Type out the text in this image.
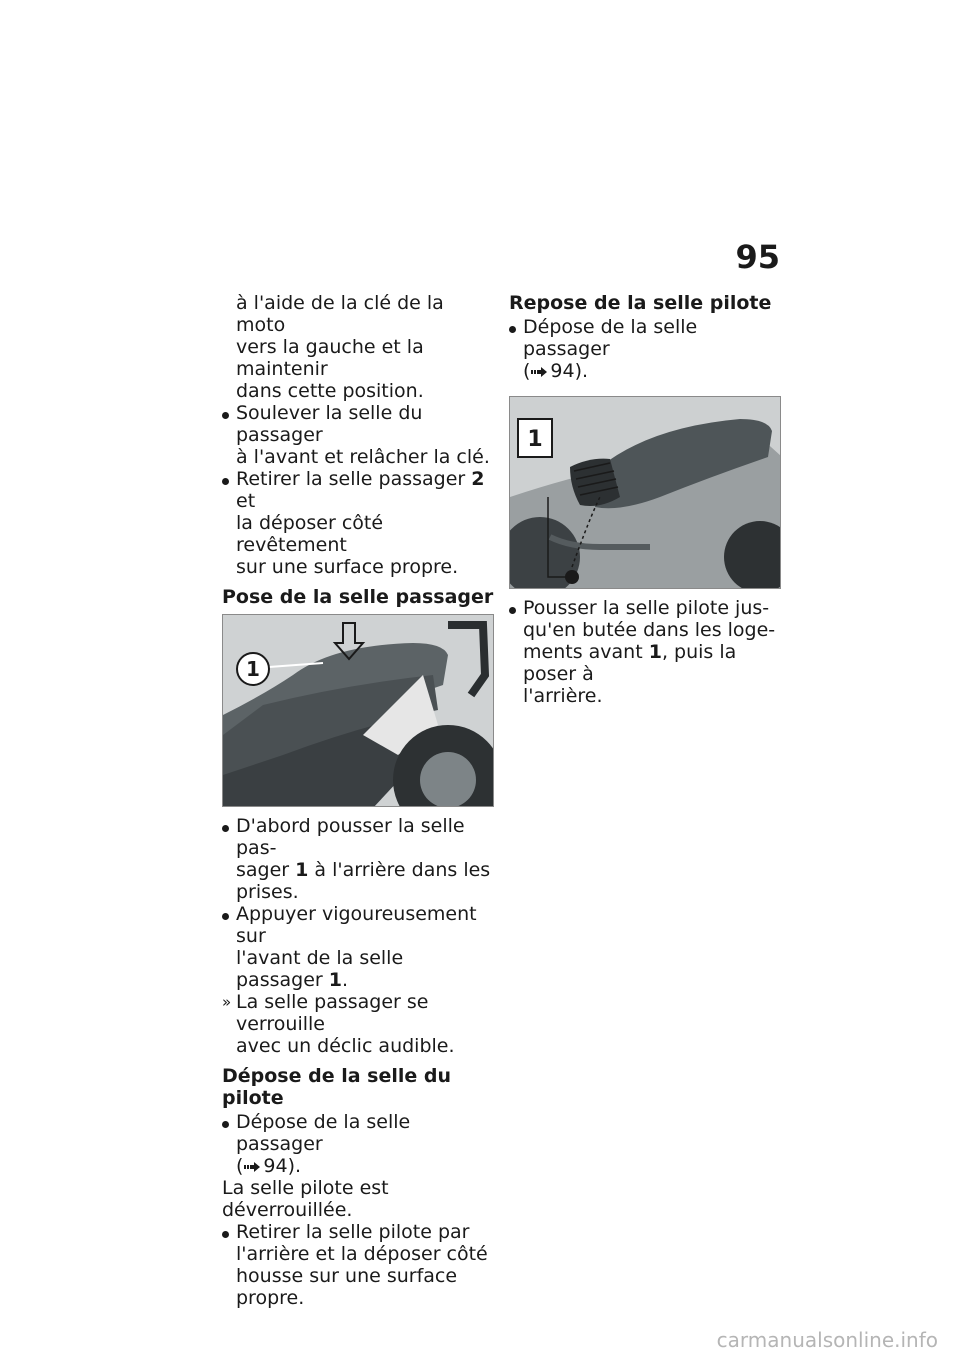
95

à l'aide de la clé de la moto

vers la gauche et la maintenir

dans cette position.

Soulever la selle du passager

à l'avant et relâcher la clé.

Retirer la selle passager 2 et

la déposer côté revêtement

sur une surface propre.

Pose de la selle passager
1

D'abord pousser la selle pas-

sager 1 à l'arrière dans les

prises.

Appuyer vigoureusement sur

l'avant de la selle passager 1.

» La selle passager se verrouille

avec un déclic audible.

Dépose de la selle du pilote

Dépose de la selle passager

( 94).

La selle pilote est déverrouillée.

Retirer la selle pilote par

l'arrière et la déposer côté

housse sur une surface

propre.

Repose de la selle pilote

Dépose de la selle passager

( 94).

1

Pousser la selle pilote jus-

qu'en butée dans les loge-

ments avant 1, puis la poser à

l'arrière.

carmanualsonline.info
